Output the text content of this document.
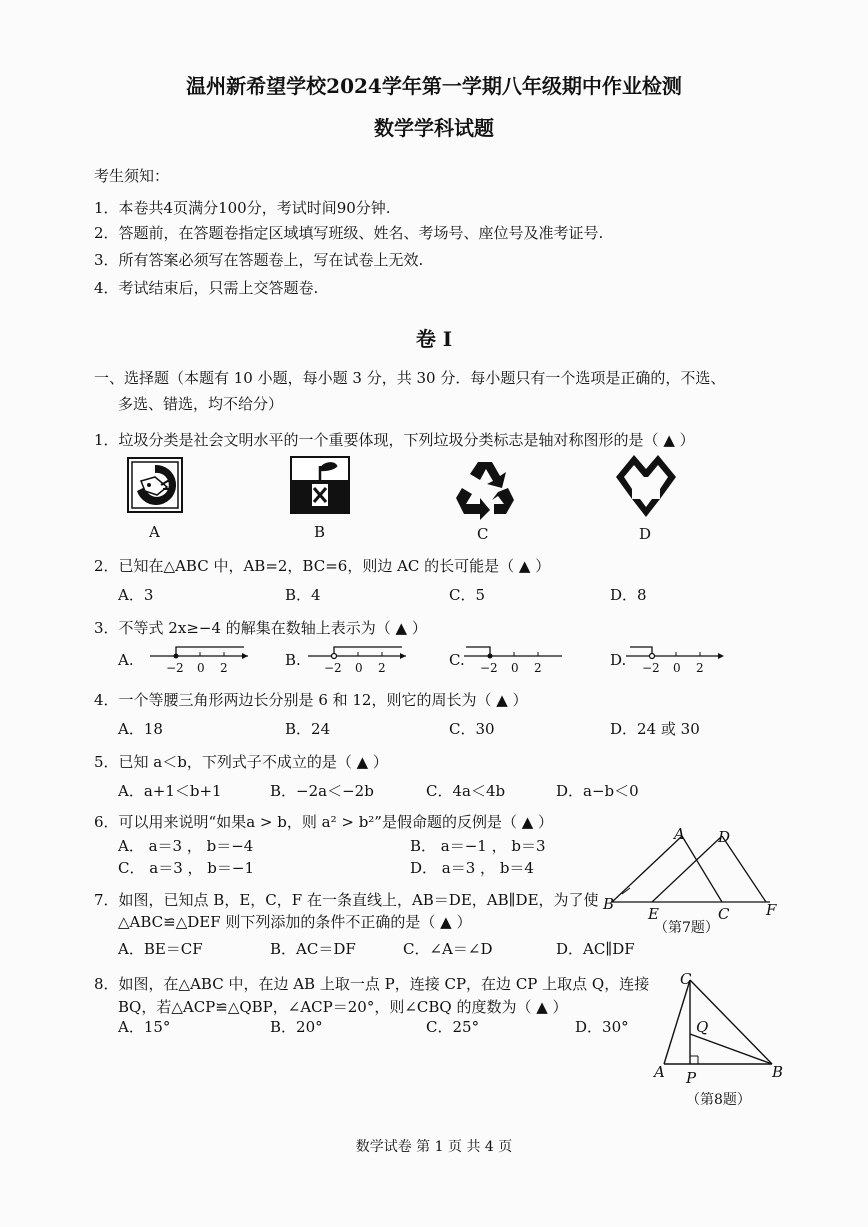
温州新希望学校2024学年第一学期八年级期中作业检测
数学学科试题
考生须知：
1．本卷共4页满分100分，考试时间90分钟.
2．答题前，在答题卷指定区域填写班级、姓名、考场号、座位号及准考证号.
3．所有答案必须写在答题卷上，写在试卷上无效.
4．考试结束后，只需上交答题卷.
卷 I
一、选择题（本题有 10 小题，每小题 3 分，共 30 分．每小题只有一个选项是正确的，不选、
多选、错选，均不给分）
1．垃圾分类是社会文明水平的一个重要体现，下列垃圾分类标志是轴对称图形的是（ ▲ ）
A	B	C	D
2．已知在△ABC 中，AB=2，BC=6，则边 AC 的长可能是（ ▲ ）
A．3	B．4	C．5	D．8
3．不等式 2x≥−4 的解集在数轴上表示为（ ▲ ）
A.	−2 0 2	B. −2 0 2	C. −2 0 2	D. −2 0 2
4．一个等腰三角形两边长分别是 6 和 12，则它的周长为（ ▲ ）
A．18	B．24	C．30	D．24 或 30
5．已知 a＜b，下列式子不成立的是（ ▲ ）
A．a+1＜b+1	B．−2a＜−2b	C．4a＜4b	D．a−b＜0
6．可以用来说明“如果a > b，则 a² > b²”是假命题的反例是（ ▲ ）
A． a＝3 ， b＝−4	B． a＝−1 ， b＝3
C． a＝3 ， b＝−1	D． a＝3 ， b＝4
A D
B
E	C F
（第7题）
7．如图，已知点 B，E，C，F 在一条直线上，AB＝DE，AB∥DE，为了使
△ABC≌△DEF 则下列添加的条件不正确的是（ ▲ ）
A．BE＝CF	B．AC＝DF	C．∠A＝∠D	D．AC∥DF
8．如图，在△ABC 中，在边 AB 上取一点 P，连接 CP，在边 CP 上取点 Q，连接
BQ，若△ACP≌△QBP，∠ACP＝20°，则∠CBQ 的度数为（ ▲ ）
A．15°	B．20°	C．25°	D．30°
C
Q
A P	B
（第8题）
数学试卷 第 1 页 共 4 页
